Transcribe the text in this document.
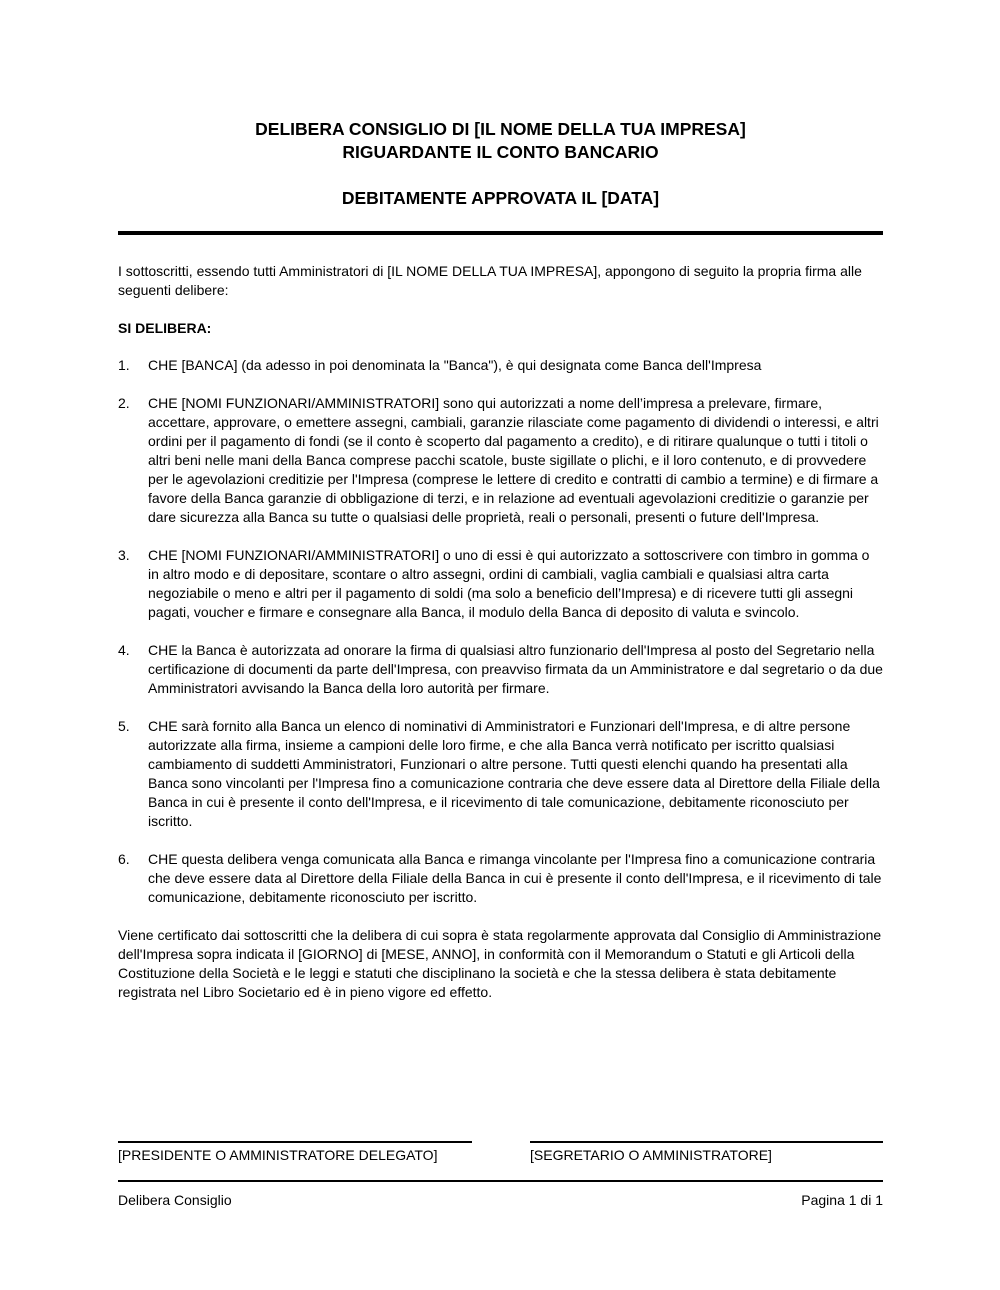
DELIBERA CONSIGLIO DI [IL NOME DELLA TUA IMPRESA]
RIGUARDANTE IL CONTO BANCARIO
DEBITAMENTE APPROVATA IL [DATA]

I sottoscritti, essendo tutti Amministratori di [IL NOME DELLA TUA IMPRESA], appongono di seguito la propria firma alle seguenti delibere:

SI DELIBERA:

1. CHE [BANCA] (da adesso in poi denominata la "Banca"), è qui designata come Banca dell'Impresa
2. CHE [NOMI FUNZIONARI/AMMINISTRATORI] sono qui autorizzati a nome dell’impresa a prelevare, firmare, accettare, approvare, o emettere assegni, cambiali, garanzie rilasciate come pagamento di dividendi o interessi, e altri ordini per il pagamento di fondi (se il conto è scoperto dal pagamento a credito), e di ritirare qualunque o tutti i titoli o altri beni nelle mani della Banca comprese pacchi scatole, buste sigillate o plichi, e il loro contenuto, e di provvedere per le agevolazioni creditizie per l'Impresa (comprese le lettere di credito e contratti di cambio a termine) e di firmare a favore della Banca garanzie di obbligazione di terzi, e in relazione ad eventuali agevolazioni creditizie o garanzie per dare sicurezza alla Banca su tutte o qualsiasi delle proprietà, reali o personali, presenti o future dell'Impresa.
3. CHE [NOMI FUNZIONARI/AMMINISTRATORI] o uno di essi è qui autorizzato a sottoscrivere con timbro in gomma o in altro modo e di depositare, scontare o altro assegni, ordini di cambiali, vaglia cambiali e qualsiasi altra carta negoziabile o meno e altri per il pagamento di soldi (ma solo a beneficio dell’Impresa) e di ricevere tutti gli assegni pagati, voucher e firmare e consegnare alla Banca, il modulo della Banca di deposito di valuta e svincolo.
4. CHE la Banca è autorizzata ad onorare la firma di qualsiasi altro funzionario dell'Impresa al posto del Segretario nella certificazione di documenti da parte dell'Impresa, con preavviso firmata da un Amministratore e dal segretario o da due Amministratori avvisando la Banca della loro autorità per firmare.
5. CHE sarà fornito alla Banca un elenco di nominativi di Amministratori e Funzionari dell'Impresa, e di altre persone autorizzate alla firma, insieme a campioni delle loro firme, e che alla Banca verrà notificato per iscritto qualsiasi cambiamento di suddetti Amministratori, Funzionari o altre persone. Tutti questi elenchi quando ha presentati alla Banca sono vincolanti per l'Impresa fino a comunicazione contraria che deve essere data al Direttore della Filiale della Banca in cui è presente il conto dell'Impresa, e il ricevimento di tale comunicazione, debitamente riconosciuto per iscritto.
6. CHE questa delibera venga comunicata alla Banca e rimanga vincolante per l'Impresa fino a comunicazione contraria che deve essere data al Direttore della Filiale della Banca in cui è presente il conto dell'Impresa, e il ricevimento di tale comunicazione, debitamente riconosciuto per iscritto.

Viene certificato dai sottoscritti che la delibera di cui sopra è stata regolarmente approvata dal Consiglio di Amministrazione dell'Impresa sopra indicata il [GIORNO] di [MESE, ANNO], in conformità con il Memorandum o Statuti e gli Articoli della Costituzione della Società e le leggi e statuti che disciplinano la società e che la stessa delibera è stata debitamente registrata nel Libro Societario ed è in pieno vigore ed effetto.

[PRESIDENTE O AMMINISTRATORE DELEGATO]	[SEGRETARIO O AMMINISTRATORE]
Delibera Consiglio	Pagina 1 di 1
